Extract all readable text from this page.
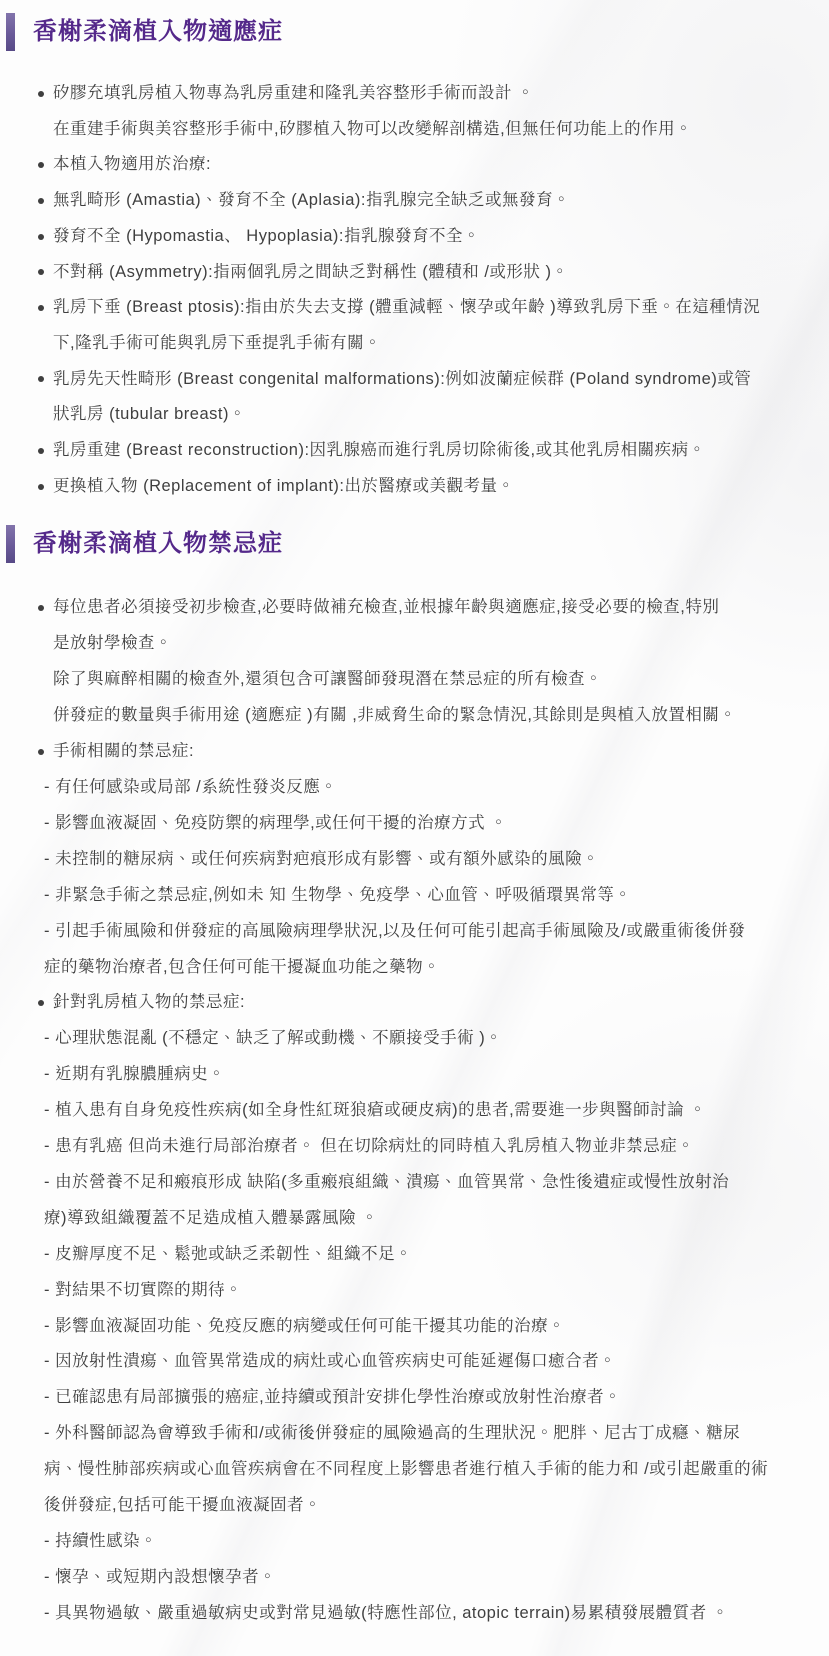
香榭柔滴植入物適應症
矽膠充填乳房植入物專為乳房重建和隆乳美容整形手術而設計 。
在重建手術與美容整形手術中,矽膠植入物可以改變解剖構造,但無任何功能上的作用。
本植入物適用於治療:
無乳畸形 (Amastia)、發育不全 (Aplasia):指乳腺完全缺乏或無發育。
發育不全 (Hypomastia、 Hypoplasia):指乳腺發育不全。
不對稱 (Asymmetry):指兩個乳房之間缺乏對稱性 (體積和 /或形狀 )。
乳房下垂 (Breast ptosis):指由於失去支撐 (體重減輕、懷孕或年齡 )導致乳房下垂。在這種情況
下,隆乳手術可能與乳房下垂提乳手術有關。
乳房先天性畸形 (Breast congenital malformations):例如波蘭症候群 (Poland syndrome)或管
狀乳房 (tubular breast)。
乳房重建 (Breast reconstruction):因乳腺癌而進行乳房切除術後,或其他乳房相關疾病。
更換植入物 (Replacement of implant):出於醫療或美觀考量。
香榭柔滴植入物禁忌症
每位患者必須接受初步檢查,必要時做補充檢查,並根據年齡與適應症,接受必要的檢查,特別
是放射學檢查。
除了與麻醉相關的檢查外,還須包含可讓醫師發現潛在禁忌症的所有檢查。
併發症的數量與手術用途 (適應症 )有關 ,非威脅生命的緊急情況,其餘則是與植入放置相關。
手術相關的禁忌症:
- 有任何感染或局部 /系統性發炎反應。
- 影響血液凝固、免疫防禦的病理學,或任何干擾的治療方式 。
- 未控制的糖尿病、或任何疾病對疤痕形成有影響、或有額外感染的風險。
- 非緊急手術之禁忌症,例如未 知 生物學、免疫學、心血管、呼吸循環異常等。
- 引起手術風險和併發症的高風險病理學狀況,以及任何可能引起高手術風險及/或嚴重術後併發
症的藥物治療者,包含任何可能干擾凝血功能之藥物。
針對乳房植入物的禁忌症:
- 心理狀態混亂 (不穩定、缺乏了解或動機、不願接受手術 )。
- 近期有乳腺膿腫病史。
- 植入患有自身免疫性疾病(如全身性紅斑狼瘡或硬皮病)的患者,需要進一步與醫師討論 。
- 患有乳癌 但尚未進行局部治療者。 但在切除病灶的同時植入乳房植入物並非禁忌症。
- 由於營養不足和瘢痕形成 缺陷(多重瘢痕組織、潰瘍、血管異常、急性後遺症或慢性放射治
療)導致組織覆蓋不足造成植入體暴露風險 。
- 皮瓣厚度不足、鬆弛或缺乏柔韌性、組織不足。
- 對結果不切實際的期待。
- 影響血液凝固功能、免疫反應的病變或任何可能干擾其功能的治療。
- 因放射性潰瘍、血管異常造成的病灶或心血管疾病史可能延遲傷口癒合者。
- 已確認患有局部擴張的癌症,並持續或預計安排化學性治療或放射性治療者。
- 外科醫師認為會導致手術和/或術後併發症的風險過高的生理狀況。肥胖、尼古丁成癮、糖尿
病、慢性肺部疾病或心血管疾病會在不同程度上影響患者進行植入手術的能力和 /或引起嚴重的術
後併發症,包括可能干擾血液凝固者。
- 持續性感染。
- 懷孕、或短期內設想懷孕者。
- 具異物過敏、嚴重過敏病史或對常見過敏(特應性部位, atopic terrain)易累積發展體質者 。
